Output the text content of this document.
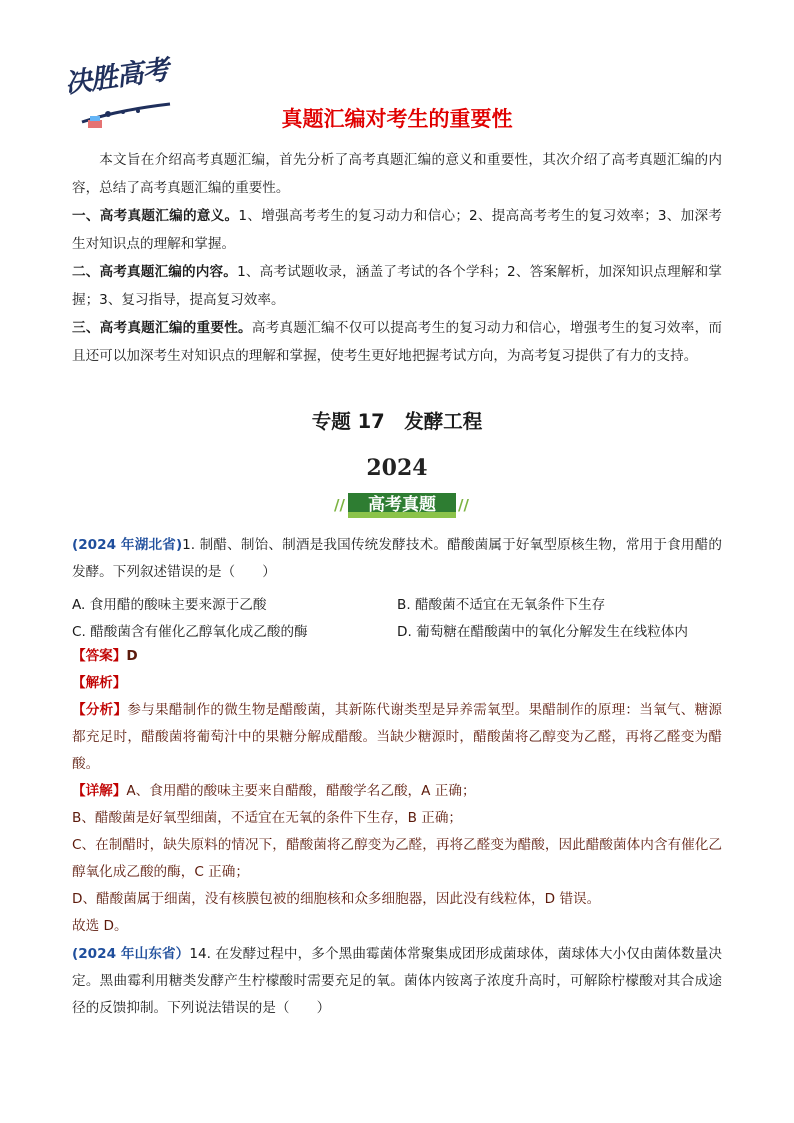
决胜高考
真题汇编对考生的重要性
本文旨在介绍高考真题汇编，首先分析了高考真题汇编的意义和重要性，其次介绍了高考真题汇编的内容，总结了高考真题汇编的重要性。
一、高考真题汇编的意义。1、增强高考考生的复习动力和信心；2、提高高考考生的复习效率；3、加深考生对知识点的理解和掌握。
二、高考真题汇编的内容。1、高考试题收录，涵盖了考试的各个学科；2、答案解析，加深知识点理解和掌握；3、复习指导，提高复习效率。
三、高考真题汇编的重要性。高考真题汇编不仅可以提高考生的复习动力和信心，增强考生的复习效率，而且还可以加深考生对知识点的理解和掌握，使考生更好地把握考试方向，为高考复习提供了有力的支持。
专题 17　发酵工程
2024
//	高考真题	//
(2024 年湖北省)1. 制醋、制饴、制酒是我国传统发酵技术。醋酸菌属于好氧型原核生物，常用于食用醋的发酵。下列叙述错误的是（　　）
A. 食用醋的酸味主要来源于乙酸	B. 醋酸菌不适宜在无氧条件下生存
C. 醋酸菌含有催化乙醇氧化成乙酸的酶	D. 葡萄糖在醋酸菌中的氧化分解发生在线粒体内
【答案】D
【解析】
【分析】参与果醋制作的微生物是醋酸菌，其新陈代谢类型是异养需氧型。果醋制作的原理：当氧气、糖源都充足时，醋酸菌将葡萄汁中的果糖分解成醋酸。当缺少糖源时，醋酸菌将乙醇变为乙醛，再将乙醛变为醋酸。
【详解】A、食用醋的酸味主要来自醋酸，醋酸学名乙酸，A 正确；
B、醋酸菌是好氧型细菌，不适宜在无氧的条件下生存，B 正确；
C、在制醋时，缺失原料的情况下，醋酸菌将乙醇变为乙醛，再将乙醛变为醋酸，因此醋酸菌体内含有催化乙醇氧化成乙酸的酶，C 正确；
D、醋酸菌属于细菌，没有核膜包被的细胞核和众多细胞器，因此没有线粒体，D 错误。
故选 D。
(2024 年山东省）14. 在发酵过程中，多个黑曲霉菌体常聚集成团形成菌球体，菌球体大小仅由菌体数量决定。黑曲霉利用糖类发酵产生柠檬酸时需要充足的氧。菌体内铵离子浓度升高时，可解除柠檬酸对其合成途径的反馈抑制。下列说法错误的是（　　）
